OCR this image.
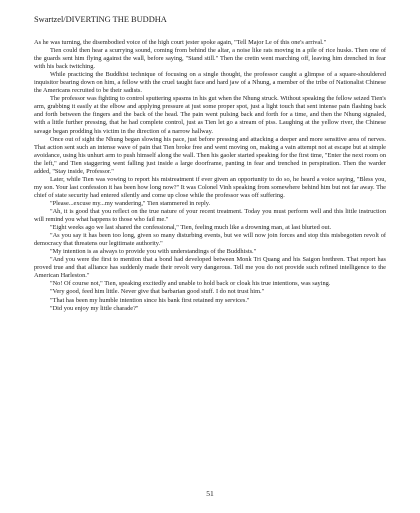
Swartzel/DIVERTING THE BUDDHA

As he was turning, the disembodied voice of the high court jester spoke again, "Tell Major Le of this one's arrival."

Tien could then hear a scurrying sound, coming from behind the altar, a noise like rats moving in a pile of rice husks. Then one of the guards sent him flying against the wall, before saying, "Stand still." Then the cretin went marching off, leaving him drenched in fear with his back twitching.

While practicing the Buddhist technique of focusing on a single thought, the professor caught a glimpse of a square-shouldered inquisitor bearing down on him, a fellow with the cruel taught face and hard jaw of a Nhung, a member of the tribe of Nationalist Chinese the Americans recruited to be their sadists.

The professor was fighting to control sputtering spasms in his gut when the Nhung struck. Without speaking the fellow seized Tien's arm, grabbing it easily at the elbow and applying pressure at just some proper spot, just a light touch that sent intense pain flashing back and forth between the fingers and the back of the head. The pain went pulsing back and forth for a time, and then the Nhung signaled, with a little further pressing, that he had complete control, just as Tien let go a stream of piss. Laughing at the yellow river, the Chinese savage began prodding his victim in the direction of a narrow hallway.

Once out of sight the Nhung began slowing his pace, just before pressing and attacking a deeper and more sensitive area of nerves. That action sent such an intense wave of pain that Tien broke free and went moving on, making a vain attempt not at escape but at simple avoidance, using his unhurt arm to push himself along the wall. Then his gaoler started speaking for the first time, "Enter the next room on the left," and Tien staggering went falling just inside a large doorframe, panting in fear and trenched in perspiration. Then the warder added, "Stay inside, Professor."

Later, while Tien was vowing to report his mistreatment if ever given an opportunity to do so, he heard a voice saying, "Bless you, my son. Your last confession it has been how long now?" It was Colonel Vinh speaking from somewhere behind him but not far away. The chief of state security had entered silently and come up close while the professor was off suffering.

"Please...excuse my...my wandering," Tien stammered in reply.

"Ah, it is good that you reflect on the true nature of your recent treatment. Today you must perform well and this little instruction will remind you what happens to those who fail me."

"Eight weeks ago we last shared the confessional," Tien, feeling much like a drowning man, at last blurted out.

"As you say it has been too long, given so many disturbing events, but we will now join forces and stop this misbegotten revolt of democracy that threatens our legitimate authority."

"My intention is as always to provide you with understandings of the Buddhists."

"And you were the first to mention that a bond had developed between Monk Tri Quang and his Saigon brethren. That report has proved true and that alliance has suddenly made their revolt very dangerous. Tell me you do not provide such refined intelligence to the American Harleston."

"No! Of course not," Tien, speaking excitedly and unable to hold back or cloak his true intentions, was saying.

"Very good, feed him little. Never give that barbarian good stuff. I do not trust him."

"That has been my humble intention since his bank first retained my services."

"Did you enjoy my little charade?"

51
